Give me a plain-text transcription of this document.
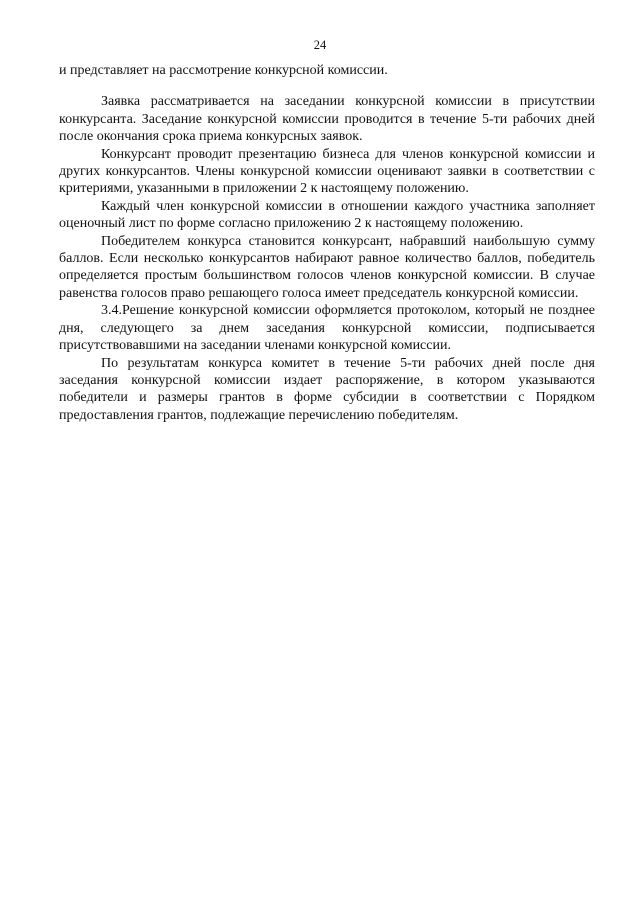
24

и представляет на рассмотрение конкурсной комиссии.

Заявка рассматривается на заседании конкурсной комиссии в присутствии конкурсанта. Заседание конкурсной комиссии проводится в течение 5-ти рабочих дней после окончания срока приема конкурсных заявок.

Конкурсант проводит презентацию бизнеса для членов конкурсной комиссии и других конкурсантов. Члены конкурсной комиссии оценивают заявки в соответствии с критериями, указанными в приложении 2 к настоящему положению.

Каждый член конкурсной комиссии в отношении каждого участника заполняет оценочный лист по форме согласно приложению 2 к настоящему положению.

Победителем конкурса становится конкурсант, набравший наибольшую сумму баллов. Если несколько конкурсантов набирают равное количество баллов, победитель определяется простым большинством голосов членов конкурсной комиссии. В случае равенства голосов право решающего голоса имеет председатель конкурсной комиссии.

3.4.Решение конкурсной комиссии оформляется протоколом, который не позднее дня, следующего за днем заседания конкурсной комиссии, подписывается присутствовавшими на заседании членами конкурсной комиссии.

По результатам конкурса комитет в течение 5-ти рабочих дней после дня заседания конкурсной комиссии издает распоряжение, в котором указываются победители и размеры грантов в форме субсидии в соответствии с Порядком предоставления грантов, подлежащие перечислению победителям.
